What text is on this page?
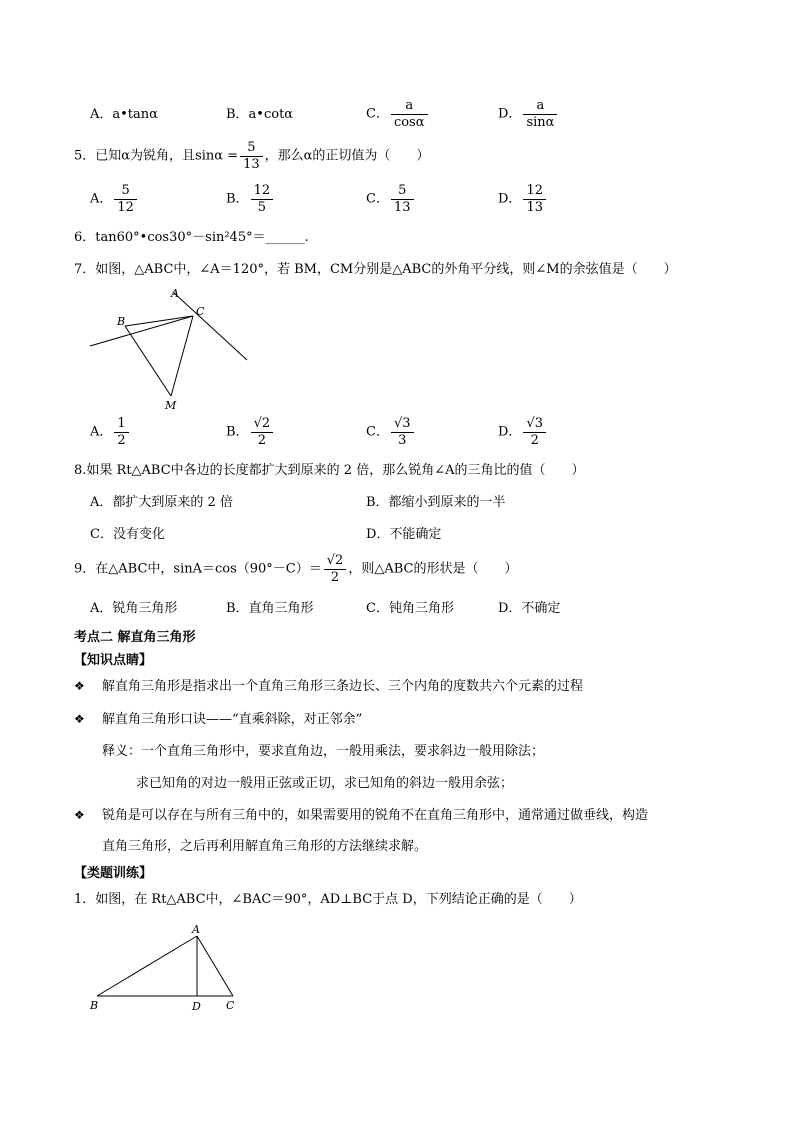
A．a•tanα	B．a•cotα	C． $\frac{a}{\cos\alpha}$	D． $\frac{a}{\sin\alpha}$
5．已知α为锐角，且$\sin\alpha = \frac{5}{13}$ ，那么α的正切值为（　　）
A． $\frac{5}{12}$	B． $\frac{12}{5}$	C． $\frac{5}{13}$	D． $\frac{12}{13}$
6．tan60°•cos30°－sin²45°＝______.
7．如图，△ABC中，∠A＝120°，若 BM，CM分别是△ABC的外角平分线，则∠M的余弦值是（　　）
A
B
C
M
A． $\frac{1}{2}$	B． $\frac{√2}{2}$	C． $\frac{√3}{3}$	D． $\frac{√3}{2}$
8.如果 Rt△ABC中各边的长度都扩大到原来的 2 倍，那么锐角∠A的三角比的值（　　）
A．都扩大到原来的 2 倍	B．都缩小到原来的一半
C．没有变化	D．不能确定
9．在△ABC中，$\sin A=\cos(90^\circ-C)= \frac{√2}{2}$ ，则△ABC的形状是（　　）
A．锐角三角形	B．直角三角形	C．钝角三角形	D．不确定
考点二 解直角三角形
【知识点睛】
❖ 解直角三角形是指求出一个直角三角形三条边长、三个内角的度数共六个元素的过程
❖ 解直角三角形口诀——“直乘斜除，对正邻余”
释义：一个直角三角形中，要求直角边，一般用乘法，要求斜边一般用除法；
求已知角的对边一般用正弦或正切，求已知角的斜边一般用余弦；
❖ 锐角是可以存在与所有三角中的，如果需要用的锐角不在直角三角形中，通常通过做垂线，构造
直角三角形，之后再利用解直角三角形的方法继续求解。
【类题训练】
1．如图，在 Rt△ABC中，∠BAC＝90°，AD⊥BC于点 D，下列结论正确的是（　　）
A
B	D C
